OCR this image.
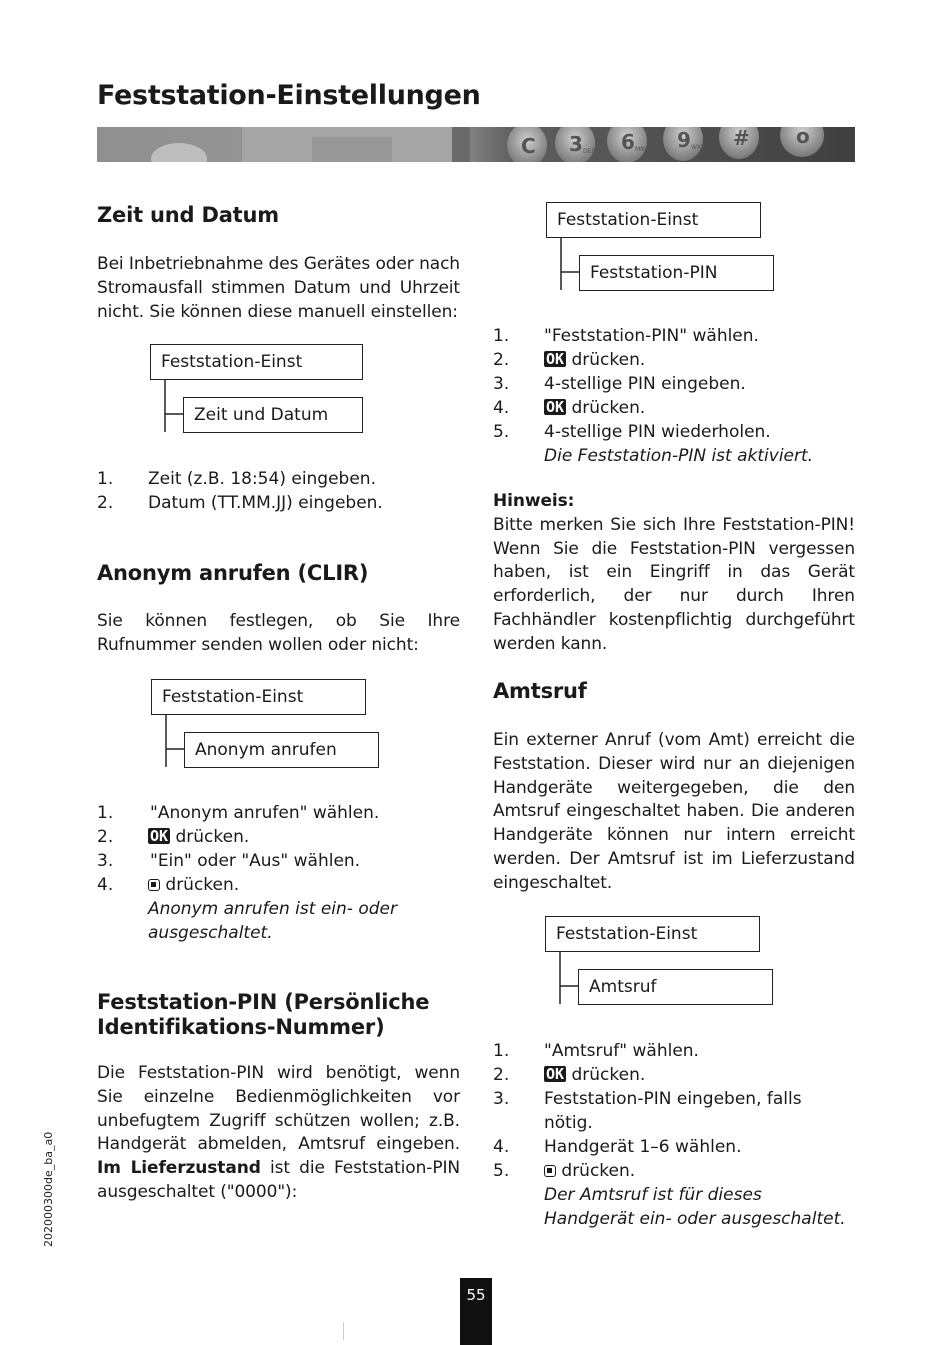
Feststation-Einstellungen
C 3 DEF 6 MNO 9 WXY # o
Zeit und Datum
Bei Inbetriebnahme des Gerätes oder nach Stromausfall stimmen Datum und Uhrzeit nicht. Sie können diese manuell einstellen:
Feststation-Einst
Zeit und Datum
1. Zeit (z.B. 18:54) eingeben.
2. Datum (TT.MM.JJ) eingeben.
Anonym anrufen (CLIR)
Sie können festlegen, ob Sie Ihre Rufnummer senden wollen oder nicht:
Feststation-Einst
Anonym anrufen
1. "Anonym anrufen" wählen.
2. OK drücken.
3. "Ein" oder "Aus" wählen.
4.	drücken.
Anonym anrufen ist ein- oder ausgeschaltet.
Feststation-PIN (Persönliche Identifikations-Nummer)
Die Feststation-PIN wird benötigt, wenn Sie einzelne Bedienmöglichkeiten vor unbefugtem Zugriff schützen wollen; z.B. Handgerät abmelden, Amtsruf eingeben. Im Lieferzustand ist die Feststation-PIN ausgeschaltet ("0000"):
Feststation-Einst
Feststation-PIN
1. "Feststation-PIN" wählen.
2. OK drücken.
3. 4-stellige PIN eingeben.
4. OK drücken.
5. 4-stellige PIN wiederholen.
Die Feststation-PIN ist aktiviert.
Hinweis:
Bitte merken Sie sich Ihre Feststation-PIN! Wenn Sie die Feststation-PIN vergessen haben, ist ein Eingriff in das Gerät erforderlich, der nur durch Ihren Fachhändler kostenpflichtig durchgeführt werden kann.
Amtsruf
Ein externer Anruf (vom Amt) erreicht die Feststation. Dieser wird nur an diejenigen Handgeräte weitergegeben, die den Amtsruf eingeschaltet haben. Die anderen Handgeräte können nur intern erreicht werden. Der Amtsruf ist im Lieferzustand eingeschaltet.
Feststation-Einst
Amtsruf
1. "Amtsruf" wählen.
2. OK drücken.
3. Feststation-PIN eingeben, falls nötig.
4. Handgerät 1–6 wählen.
5.	drücken.
Der Amtsruf ist für dieses Handgerät ein- oder ausgeschaltet.
55
202000300de_ba_a0
